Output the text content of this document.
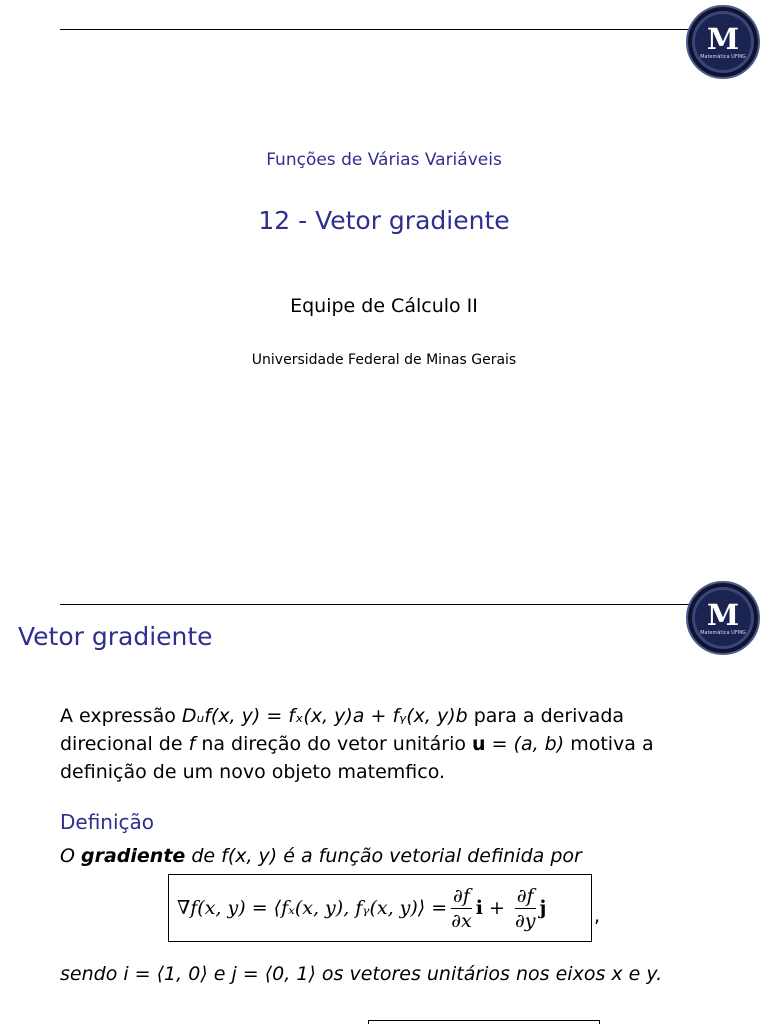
M
Matemática UFMG
Funções de Várias Variáveis
12 - Vetor gradiente
Equipe de Cálculo II
Universidade Federal de Minas Gerais
M
Matemática UFMG
Vetor gradiente
A expressão Dᵤf(x, y) = fₓ(x, y)a + fᵧ(x, y)b para a derivada direcional de f na direção do vetor unitário u = (a, b) motiva a definição de um novo objeto matemfico.
Definição
O gradiente de f(x, y) é a função vetorial definida por
∇f(x, y) = ⟨fₓ(x, y), fᵧ(x, y)⟩ = $\frac{\partial f}{\partial x}$ $i + \frac{\partial f}{\partial y}$ j	,
sendo i = ⟨1, 0⟩ e j = ⟨0, 1⟩ os vetores unitários nos eixos x e y.
